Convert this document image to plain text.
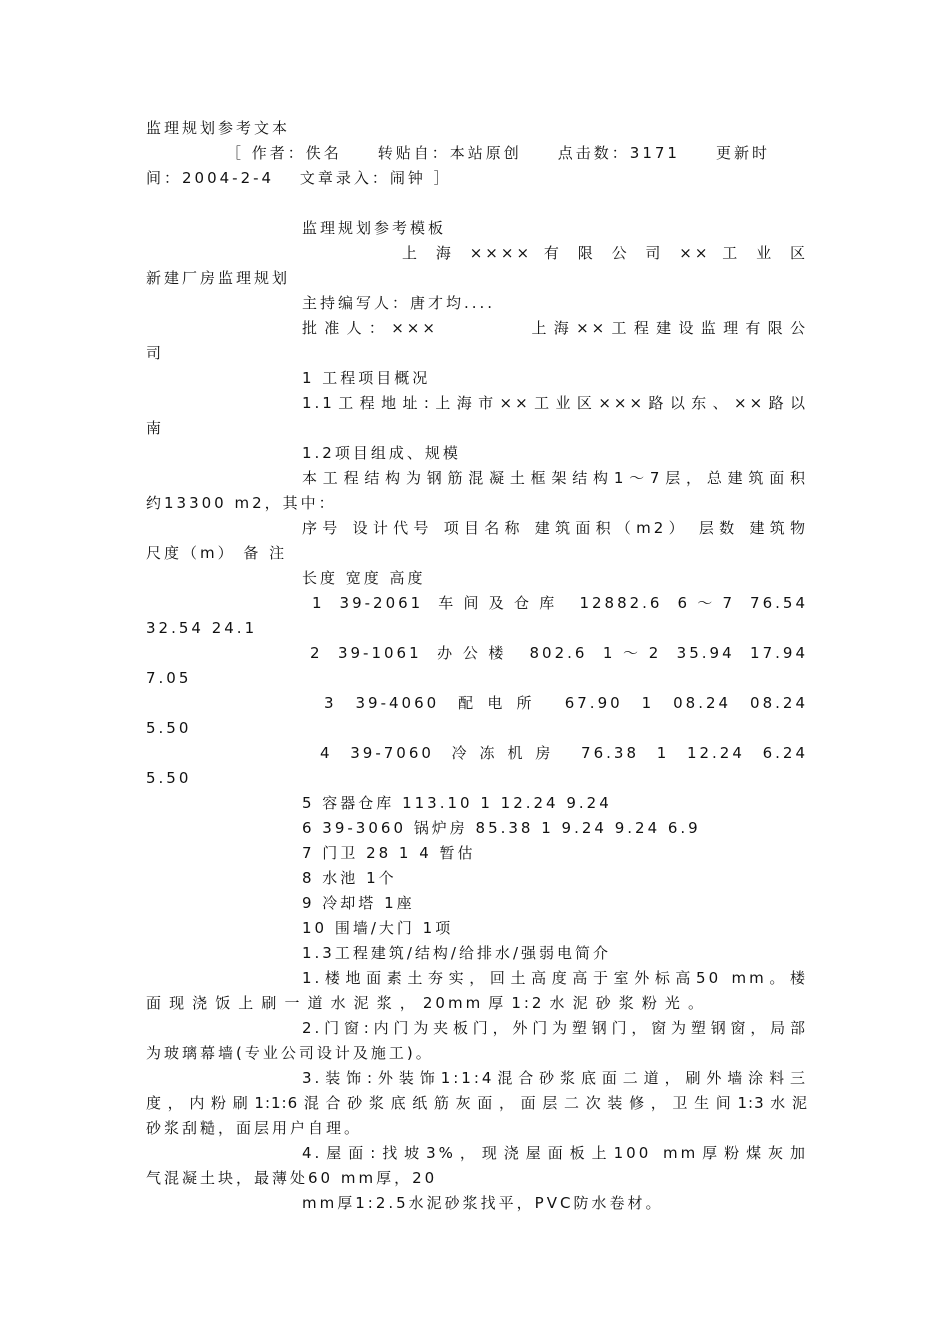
监理规划参考文本
［ 作者：佚名　　转贴自：本站原创　　点击数：3171　　更新时
间：2004-2-4　 文章录入：闹钟 ］
监理规划参考模板
上 海 ×××× 有 限 公 司 ×× 工 业 区
新建厂房监理规划
主持编写人：唐才均....
批准人：×××　　　　上海××工程建设监理有限公
司
1 工程项目概况
1.1工程地址:上海市××工业区×××路以东、××路以
南
1.2项目组成、规模
本工程结构为钢筋混凝土框架结构1～7层，总建筑面积
约13300 m2，其中：
序号 设计代号 项目名称 建筑面积（m2） 层数 建筑物
尺度（m） 备 注
长度 宽度 高度
1 39-2061 车间及仓库 12882.6 6～7 76.54
32.54 24.1
2 39-1061 办公楼 802.6 1～2 35.94 17.94
7.05
3 39-4060 配电所 67.90 1 08.24 08.24
5.50
4 39-7060 冷冻机房 76.38 1 12.24 6.24
5.50
5 容器仓库 113.10 1 12.24 9.24
6 39-3060 锅炉房 85.38 1 9.24 9.24 6.9
7 门卫 28 1 4 暂估
8 水池 1个
9 冷却塔 1座
10 围墙/大门 1项
1.3工程建筑/结构/给排水/强弱电简介
1.楼地面素土夯实，回土高度高于室外标高50 mm。楼
面现浇饭上刷一道水泥浆，20mm厚1:2水泥砂浆粉光。
2.门窗:内门为夹板门，外门为塑钢门，窗为塑钢窗，局部
为玻璃幕墙(专业公司设计及施工)。
3.装饰:外装饰1:1:4混合砂浆底面二道，刷外墙涂料三
度，内粉刷1:1:6混合砂浆底纸筋灰面，面层二次装修，卫生间1:3水泥
砂浆刮糙，面层用户自理。
4.屋面:找坡3%，现浇屋面板上100 mm厚粉煤灰加
气混凝土块，最薄处60 mm厚，20
mm厚1:2.5水泥砂浆找平，PVC防水卷材。
